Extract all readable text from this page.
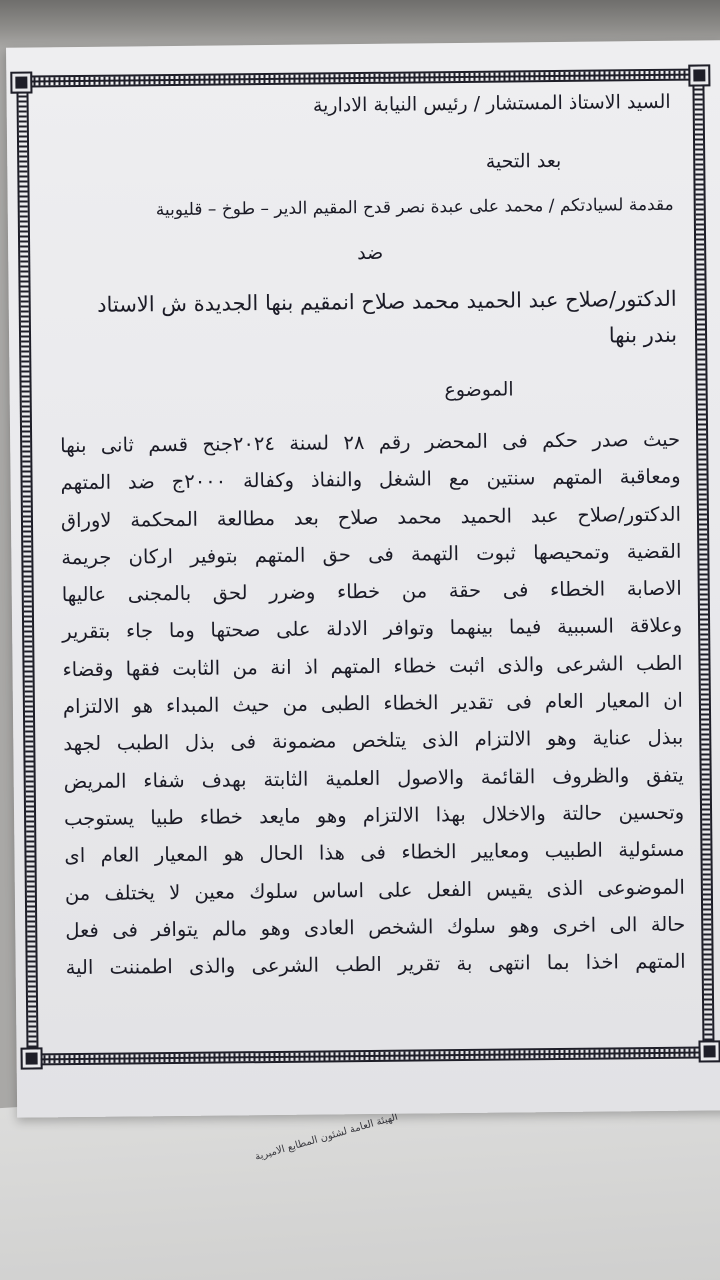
الهيئة العامة لشئون المطابع الاميرية
السيد الاستاذ المستشار / رئيس النيابة الادارية
بعد التحية
مقدمة لسيادتكم / محمد على عبدة نصر قدح المقيم الدير – طوخ – قليوبية
ضد
الدكتور/صلاح عبد الحميد محمد صلاح انمقيم بنها الجديدة ش الاستاد
بندر بنها
الموضوع
حيث صدر حكم فى المحضر رقم ٢٨ لسنة ٢٠٢٤جنح قسم ثانى بنها
ومعاقبة المتهم سنتين مع الشغل والنفاذ وكفالة ٢٠٠٠ج ضد المتهم
الدكتور/صلاح عبد الحميد محمد صلاح بعد مطالعة المحكمة لاوراق
القضية وتمحيصها ثبوت التهمة فى حق المتهم بتوفير اركان جريمة
الاصابة الخطاء فى حقة من خطاء وضرر لحق بالمجنى عاليها
وعلاقة السببية فيما بينهما وتوافر الادلة على صحتها وما جاء بتقرير
الطب الشرعى والذى اثبت خطاء المتهم اذ انة من الثابت فقها وقضاء
ان المعيار العام فى تقدير الخطاء الطبى من حيث المبداء هو الالتزام
ببذل عناية وهو الالتزام الذى يتلخص مضمونة فى بذل الطبب لجهد
يتفق والظروف القائمة والاصول العلمية الثابتة بهدف شفاء المريض
وتحسين حالتة والاخلال بهذا الالتزام وهو مايعد خطاء طبيا يستوجب
مسئولية الطبيب ومعايير الخطاء فى هذا الحال هو المعيار العام اى
الموضوعى الذى يقيس الفعل على اساس سلوك معين لا يختلف من
حالة الى اخرى وهو سلوك الشخص العادى وهو مالم يتوافر فى فعل
المتهم اخذا بما انتهى بة تقرير الطب الشرعى والذى اطمننت الية
